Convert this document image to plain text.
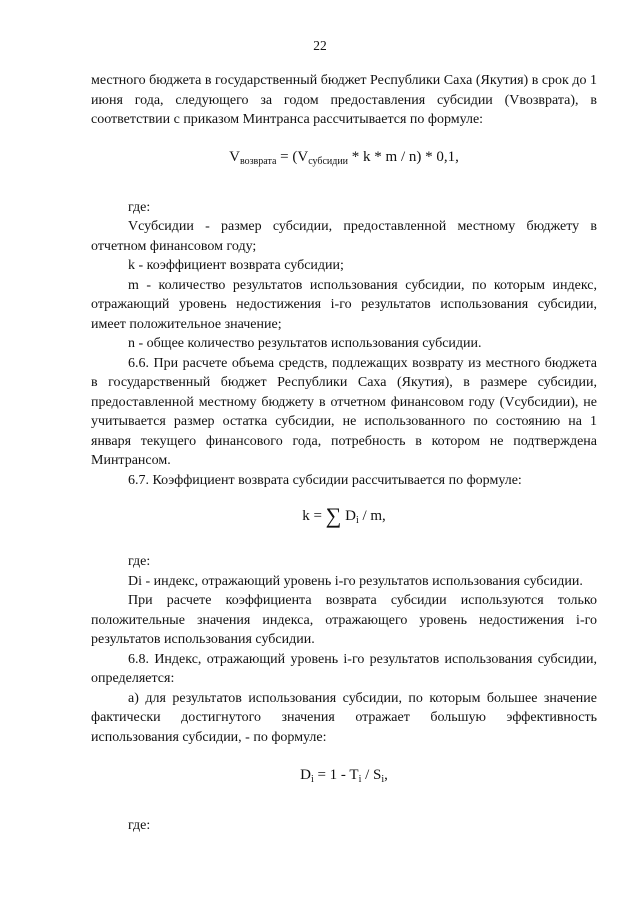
22

местного бюджета в государственный бюджет Республики Саха (Якутия) в срок до 1 июня года, следующего за годом предоставления субсидии (Vвозврата), в соответствии с приказом Минтранса рассчитывается по формуле:

$V_{возврата} = (V_{субсидии} * k * m / n) * 0,1$,

где:

Vсубсидии - размер субсидии, предоставленной местному бюджету в отчетном финансовом году;

k - коэффициент возврата субсидии;

m - количество результатов использования субсидии, по которым индекс, отражающий уровень недостижения i-го результатов использования субсидии, имеет положительное значение;

n - общее количество результатов использования субсидии.

6.6. При расчете объема средств, подлежащих возврату из местного бюджета в государственный бюджет Республики Саха (Якутия), в размере субсидии, предоставленной местному бюджету в отчетном финансовом году (Vсубсидии), не учитывается размер остатка субсидии, не использованного по состоянию на 1 января текущего финансового года, потребность в котором не подтверждена Минтрансом.

6.7. Коэффициент возврата субсидии рассчитывается по формуле:

k = ∑ $D_i$ / m,

где:

Di - индекс, отражающий уровень i-го результатов использования субсидии.

При расчете коэффициента возврата субсидии используются только положительные значения индекса, отражающего уровень недостижения i-го результатов использования субсидии.

6.8. Индекс, отражающий уровень i-го результатов использования субсидии, определяется:

а) для результатов использования субсидии, по которым большее значение фактически достигнутого значения отражает большую эффективность использования субсидии, - по формуле:

$D_i = 1 - T_i / S_i$,

где:
